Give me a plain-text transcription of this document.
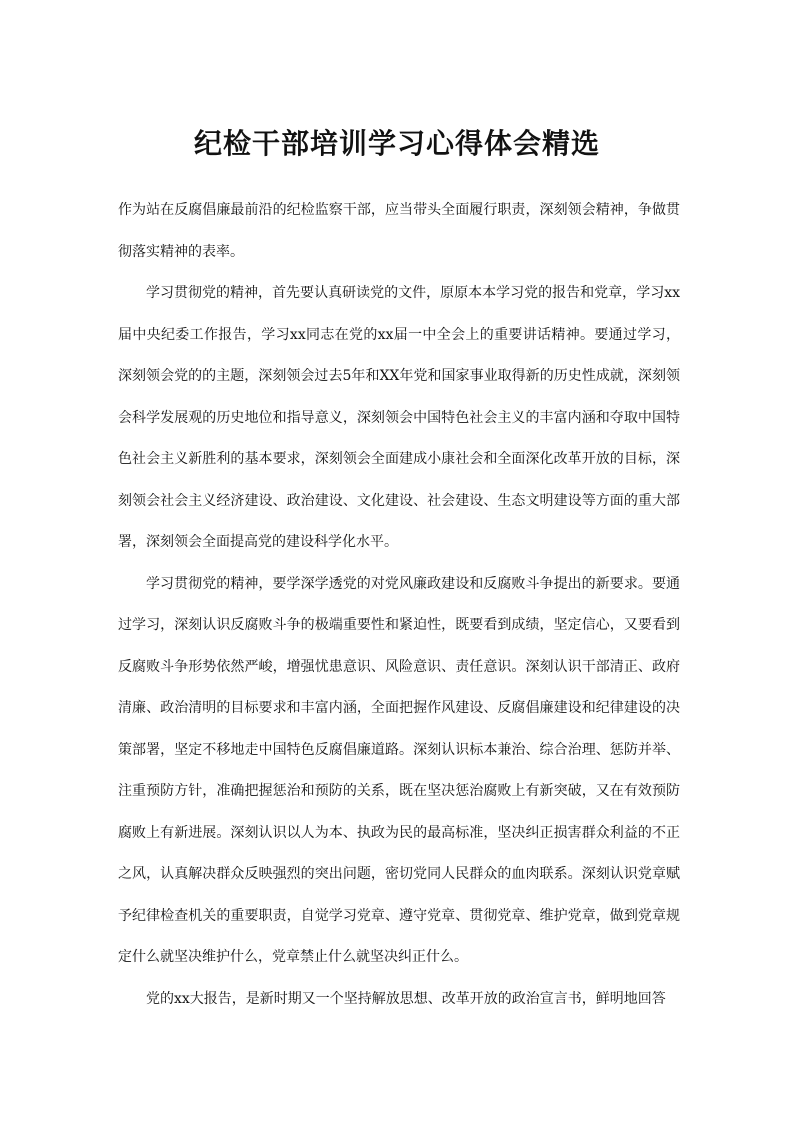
纪检干部培训学习心得体会精选

作为站在反腐倡廉最前沿的纪检监察干部，应当带头全面履行职责，深刻领会精神，争做贯彻落实精神的表率。

学习贯彻党的精神，首先要认真研读党的文件，原原本本学习党的报告和党章，学习xx届中央纪委工作报告，学习xx同志在党的xx届一中全会上的重要讲话精神。要通过学习，深刻领会党的的主题，深刻领会过去5年和XX年党和国家事业取得新的历史性成就，深刻领会科学发展观的历史地位和指导意义，深刻领会中国特色社会主义的丰富内涵和夺取中国特色社会主义新胜利的基本要求，深刻领会全面建成小康社会和全面深化改革开放的目标，深刻领会社会主义经济建设、政治建设、文化建设、社会建设、生态文明建设等方面的重大部署，深刻领会全面提高党的建设科学化水平。

学习贯彻党的精神，要学深学透党的对党风廉政建设和反腐败斗争提出的新要求。要通过学习，深刻认识反腐败斗争的极端重要性和紧迫性，既要看到成绩，坚定信心，又要看到反腐败斗争形势依然严峻，增强忧患意识、风险意识、责任意识。深刻认识干部清正、政府清廉、政治清明的目标要求和丰富内涵，全面把握作风建设、反腐倡廉建设和纪律建设的决策部署，坚定不移地走中国特色反腐倡廉道路。深刻认识标本兼治、综合治理、惩防并举、注重预防方针，准确把握惩治和预防的关系，既在坚决惩治腐败上有新突破，又在有效预防腐败上有新进展。深刻认识以人为本、执政为民的最高标准，坚决纠正损害群众利益的不正之风，认真解决群众反映强烈的突出问题，密切党同人民群众的血肉联系。深刻认识党章赋予纪律检查机关的重要职责，自觉学习党章、遵守党章、贯彻党章、维护党章，做到党章规定什么就坚决维护什么，党章禁止什么就坚决纠正什么。

党的xx大报告，是新时期又一个坚持解放思想、改革开放的政治宣言书，鲜明地回答
